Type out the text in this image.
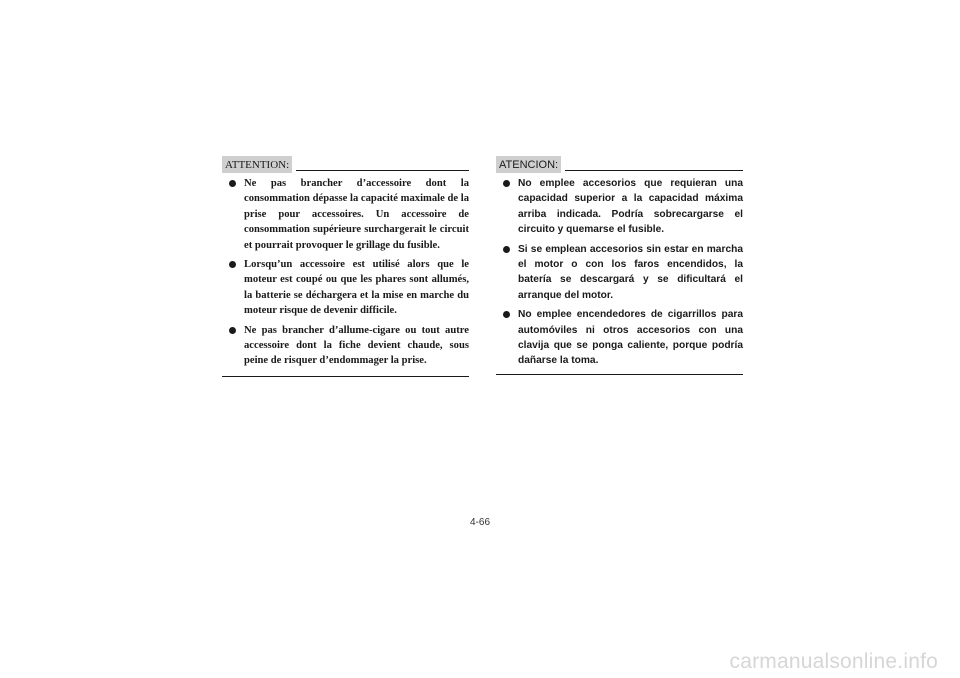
ATTENTION:
Ne pas brancher d’accessoire dont la consommation dépasse la capacité maximale de la prise pour accessoires. Un accessoire de consommation supérieure surchargerait le circuit et pourrait provoquer le grillage du fusible.
Lorsqu’un accessoire est utilisé alors que le moteur est coupé ou que les phares sont allumés, la batterie se déchargera et la mise en marche du moteur risque de devenir difficile.
Ne pas brancher d’allume-cigare ou tout autre accessoire dont la fiche devient chaude, sous peine de risquer d’endommager la prise.
ATENCION:
No emplee accesorios que requieran una capacidad superior a la capacidad máxima arriba indicada. Podría sobrecargarse el circuito y quemarse el fusible.
Si se emplean accesorios sin estar en marcha el motor o con los faros encendidos, la batería se descargará y se dificultará el arranque del motor.
No emplee encendedores de cigarrillos para automóviles ni otros accesorios con una clavija que se ponga caliente, porque podría dañarse la toma.
4-66
carmanualsonline.info
